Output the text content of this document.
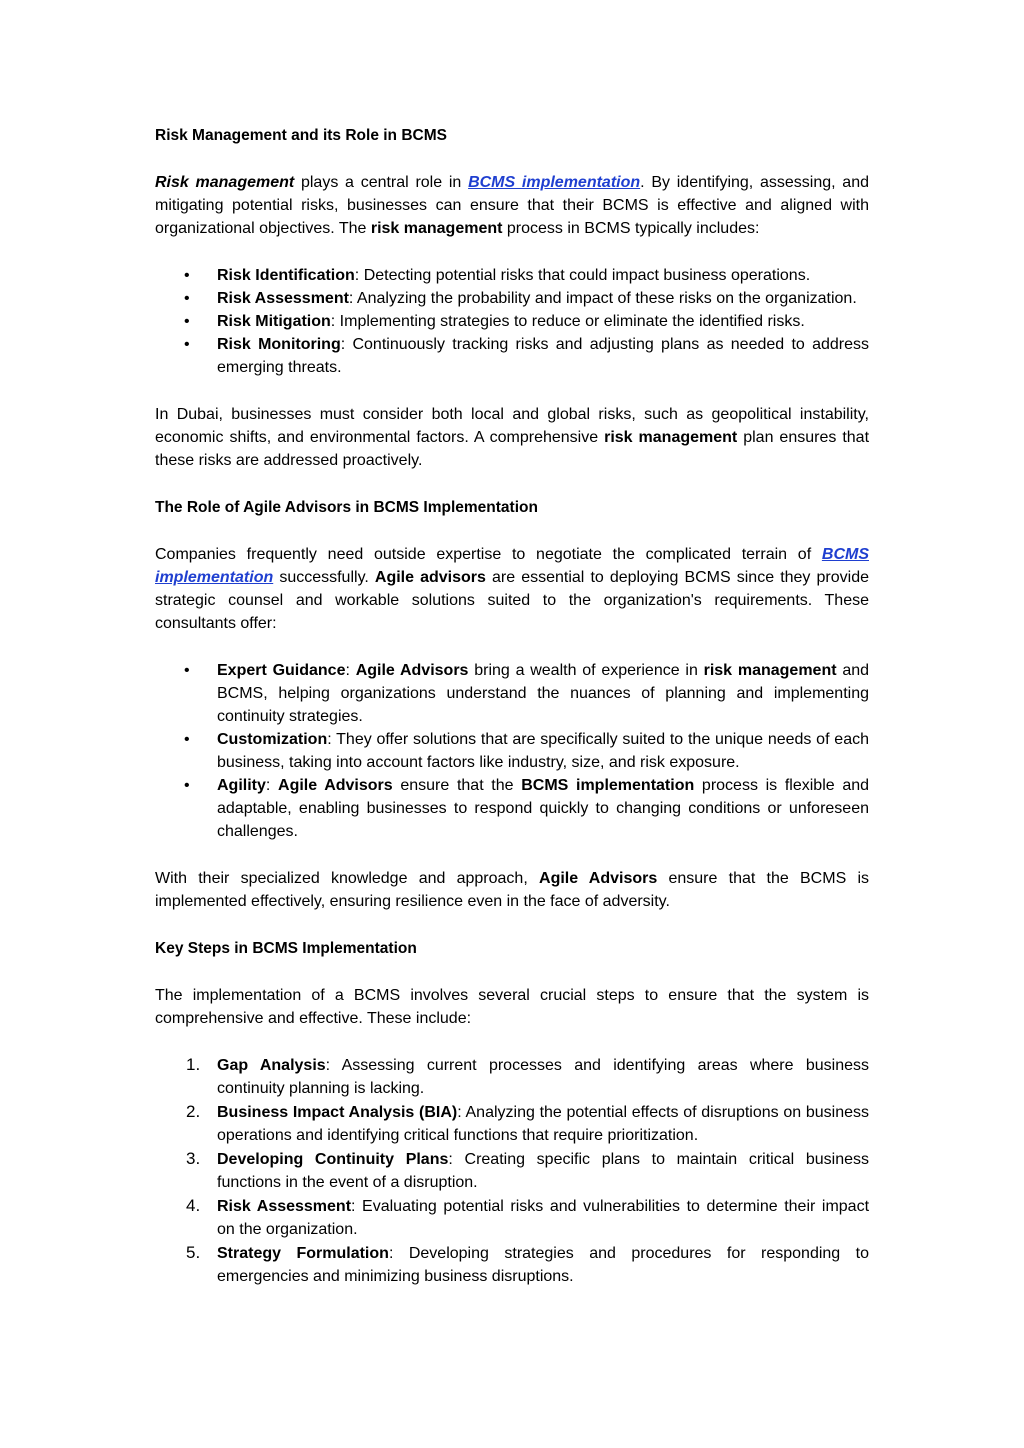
Risk Management and its Role in BCMS

Risk management plays a central role in BCMS implementation. By identifying, assessing, and mitigating potential risks, businesses can ensure that their BCMS is effective and aligned with organizational objectives. The risk management process in BCMS typically includes:

• Risk Identification: Detecting potential risks that could impact business operations.
• Risk Assessment: Analyzing the probability and impact of these risks on the organization.
• Risk Mitigation: Implementing strategies to reduce or eliminate the identified risks.
• Risk Monitoring: Continuously tracking risks and adjusting plans as needed to address emerging threats.

In Dubai, businesses must consider both local and global risks, such as geopolitical instability, economic shifts, and environmental factors. A comprehensive risk management plan ensures that these risks are addressed proactively.

The Role of Agile Advisors in BCMS Implementation

Companies frequently need outside expertise to negotiate the complicated terrain of BCMS implementation successfully. Agile advisors are essential to deploying BCMS since they provide strategic counsel and workable solutions suited to the organization's requirements. These consultants offer:

• Expert Guidance: Agile Advisors bring a wealth of experience in risk management and BCMS, helping organizations understand the nuances of planning and implementing continuity strategies.
• Customization: They offer solutions that are specifically suited to the unique needs of each business, taking into account factors like industry, size, and risk exposure.
• Agility: Agile Advisors ensure that the BCMS implementation process is flexible and adaptable, enabling businesses to respond quickly to changing conditions or unforeseen challenges.

With their specialized knowledge and approach, Agile Advisors ensure that the BCMS is implemented effectively, ensuring resilience even in the face of adversity.

Key Steps in BCMS Implementation

The implementation of a BCMS involves several crucial steps to ensure that the system is comprehensive and effective. These include:

1. Gap Analysis: Assessing current processes and identifying areas where business continuity planning is lacking.
2. Business Impact Analysis (BIA): Analyzing the potential effects of disruptions on business operations and identifying critical functions that require prioritization.
3. Developing Continuity Plans: Creating specific plans to maintain critical business functions in the event of a disruption.
4. Risk Assessment: Evaluating potential risks and vulnerabilities to determine their impact on the organization.
5. Strategy Formulation: Developing strategies and procedures for responding to emergencies and minimizing business disruptions.
